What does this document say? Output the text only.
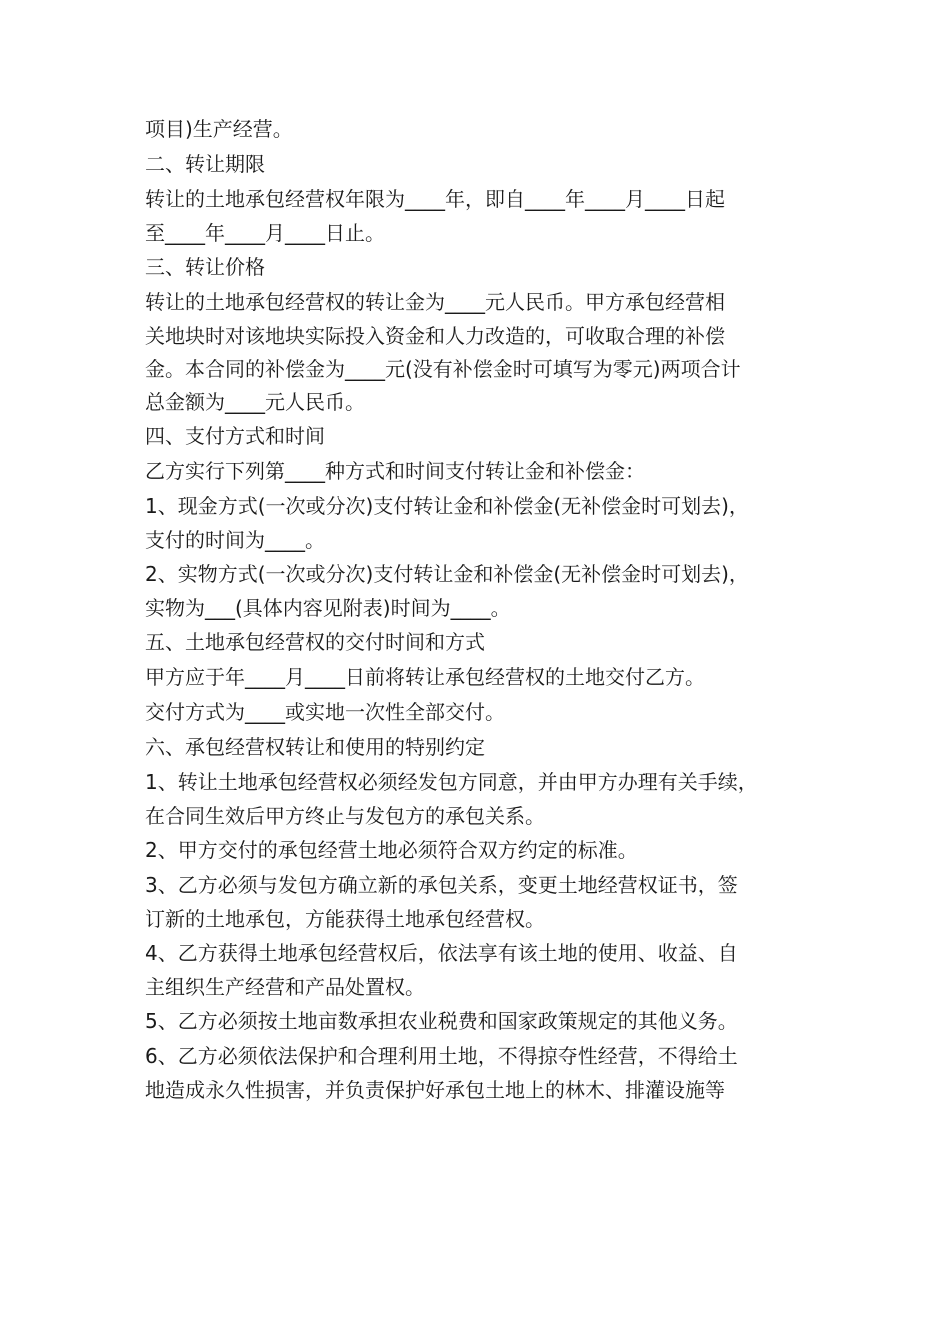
项目)生产经营。
二、转让期限
转让的土地承包经营权年限为____年，即自____年____月____日起
至____年____月____日止。
三、转让价格
转让的土地承包经营权的转让金为____元人民币。甲方承包经营相
关地块时对该地块实际投入资金和人力改造的，可收取合理的补偿
金。本合同的补偿金为____元(没有补偿金时可填写为零元)两项合计
总金额为____元人民币。
四、支付方式和时间
乙方实行下列第____种方式和时间支付转让金和补偿金：
1、现金方式(一次或分次)支付转让金和补偿金(无补偿金时可划去)，
支付的时间为____。
2、实物方式(一次或分次)支付转让金和补偿金(无补偿金时可划去)，
实物为___(具体内容见附表)时间为____。
五、土地承包经营权的交付时间和方式
甲方应于年____月____日前将转让承包经营权的土地交付乙方。
交付方式为____或实地一次性全部交付。
六、承包经营权转让和使用的特别约定
1、转让土地承包经营权必须经发包方同意，并由甲方办理有关手续，
在合同生效后甲方终止与发包方的承包关系。
2、甲方交付的承包经营土地必须符合双方约定的标准。
3、乙方必须与发包方确立新的承包关系，变更土地经营权证书，签
订新的土地承包，方能获得土地承包经营权。
4、乙方获得土地承包经营权后，依法享有该土地的使用、收益、自
主组织生产经营和产品处置权。
5、乙方必须按土地亩数承担农业税费和国家政策规定的其他义务。
6、乙方必须依法保护和合理利用土地，不得掠夺性经营，不得给土
地造成永久性损害，并负责保护好承包土地上的林木、排灌设施等
